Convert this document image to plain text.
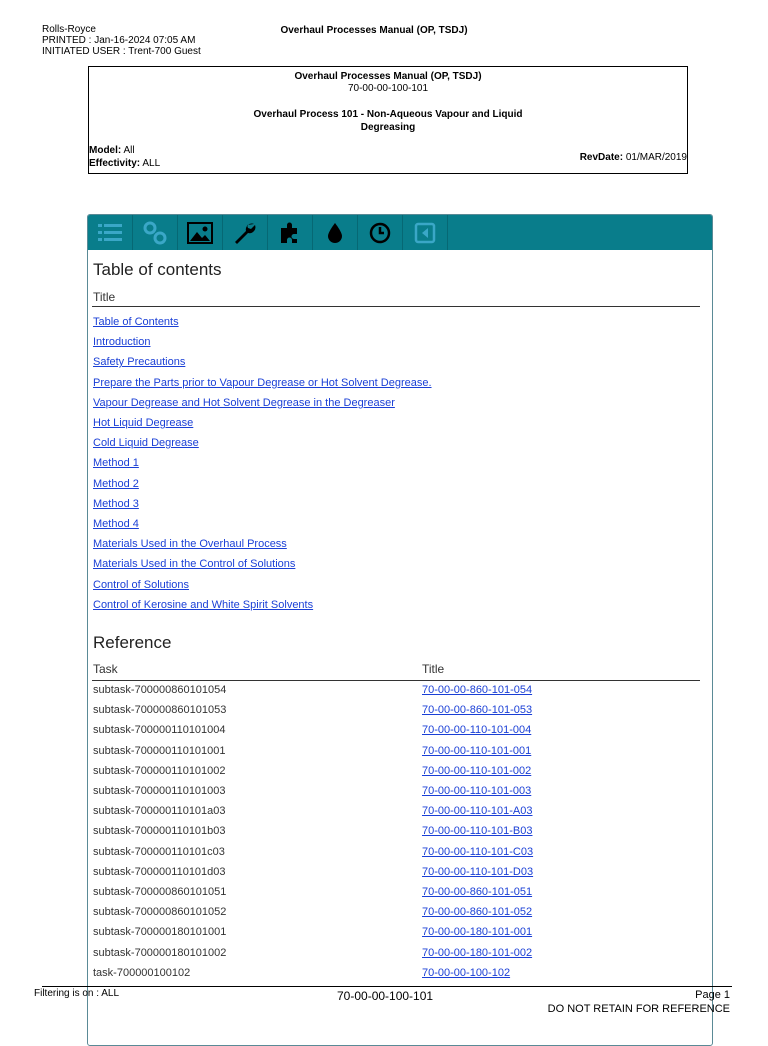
Rolls-Royce
PRINTED : Jan-16-2024 07:05 AM
INITIATED USER : Trent-700 Guest
Overhaul Processes Manual (OP, TSDJ)
Overhaul Processes Manual (OP, TSDJ)
70-00-00-100-101
Overhaul Process 101 - Non-Aqueous Vapour and Liquid
Degreasing
Model: All
Effectivity: ALL
RevDate: 01/MAR/2019
Table of contents
Title
Table of Contents
Introduction
Safety Precautions
Prepare the Parts prior to Vapour Degrease or Hot Solvent Degrease.
Vapour Degrease and Hot Solvent Degrease in the Degreaser
Hot Liquid Degrease
Cold Liquid Degrease
Method 1
Method 2
Method 3
Method 4
Materials Used in the Overhaul Process
Materials Used in the Control of Solutions
Control of Solutions
Control of Kerosine and White Spirit Solvents
Reference
Task	Title
subtask-700000860101054	70-00-00-860-101-054
subtask-700000860101053	70-00-00-860-101-053
subtask-700000110101004	70-00-00-110-101-004
subtask-700000110101001	70-00-00-110-101-001
subtask-700000110101002	70-00-00-110-101-002
subtask-700000110101003	70-00-00-110-101-003
subtask-700000110101a03	70-00-00-110-101-A03
subtask-700000110101b03	70-00-00-110-101-B03
subtask-700000110101c03	70-00-00-110-101-C03
subtask-700000110101d03	70-00-00-110-101-D03
subtask-700000860101051	70-00-00-860-101-051
subtask-700000860101052	70-00-00-860-101-052
subtask-700000180101001	70-00-00-180-101-001
subtask-700000180101002	70-00-00-180-101-002
task-700000100102	70-00-00-100-102
Filtering is on : ALL	70-00-00-100-101	Page 1
DO NOT RETAIN FOR REFERENCE
